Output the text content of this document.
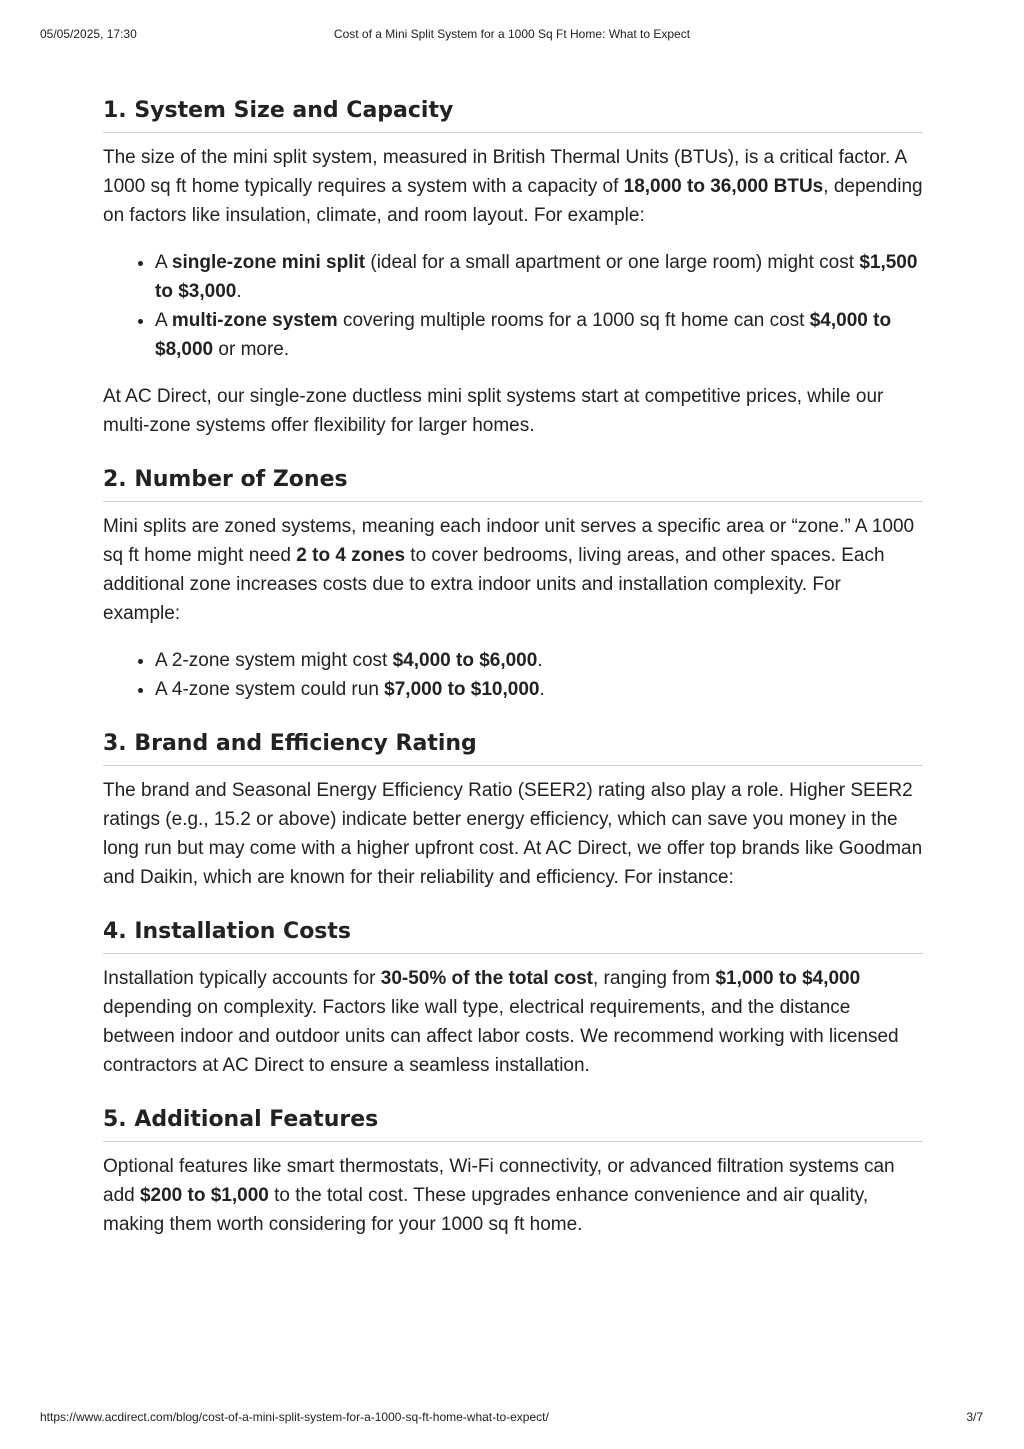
05/05/2025, 17:30	Cost of a Mini Split System for a 1000 Sq Ft Home: What to Expect
1. System Size and Capacity

The size of the mini split system, measured in British Thermal Units (BTUs), is a critical factor. A 1000 sq ft home typically requires a system with a capacity of 18,000 to 36,000 BTUs, depending on factors like insulation, climate, and room layout. For example:

• A single-zone mini split (ideal for a small apartment or one large room) might cost $1,500 to $3,000.
• A multi-zone system covering multiple rooms for a 1000 sq ft home can cost $4,000 to $8,000 or more.

At AC Direct, our single-zone ductless mini split systems start at competitive prices, while our multi-zone systems offer flexibility for larger homes.

2. Number of Zones

Mini splits are zoned systems, meaning each indoor unit serves a specific area or “zone.” A 1000 sq ft home might need 2 to 4 zones to cover bedrooms, living areas, and other spaces. Each additional zone increases costs due to extra indoor units and installation complexity. For example:

• A 2-zone system might cost $4,000 to $6,000.
• A 4-zone system could run $7,000 to $10,000.
3. Brand and Efficiency Rating

The brand and Seasonal Energy Efficiency Ratio (SEER2) rating also play a role. Higher SEER2 ratings (e.g., 15.2 or above) indicate better energy efficiency, which can save you money in the long run but may come with a higher upfront cost. At AC Direct, we offer top brands like Goodman and Daikin, which are known for their reliability and efficiency. For instance:

4. Installation Costs

Installation typically accounts for 30-50% of the total cost, ranging from $1,000 to $4,000 depending on complexity. Factors like wall type, electrical requirements, and the distance between indoor and outdoor units can affect labor costs. We recommend working with licensed contractors at AC Direct to ensure a seamless installation.

5. Additional Features

Optional features like smart thermostats, Wi-Fi connectivity, or advanced filtration systems can add $200 to $1,000 to the total cost. These upgrades enhance convenience and air quality, making them worth considering for your 1000 sq ft home.

https://www.acdirect.com/blog/cost-of-a-mini-split-system-for-a-1000-sq-ft-home-what-to-expect/	3/7
